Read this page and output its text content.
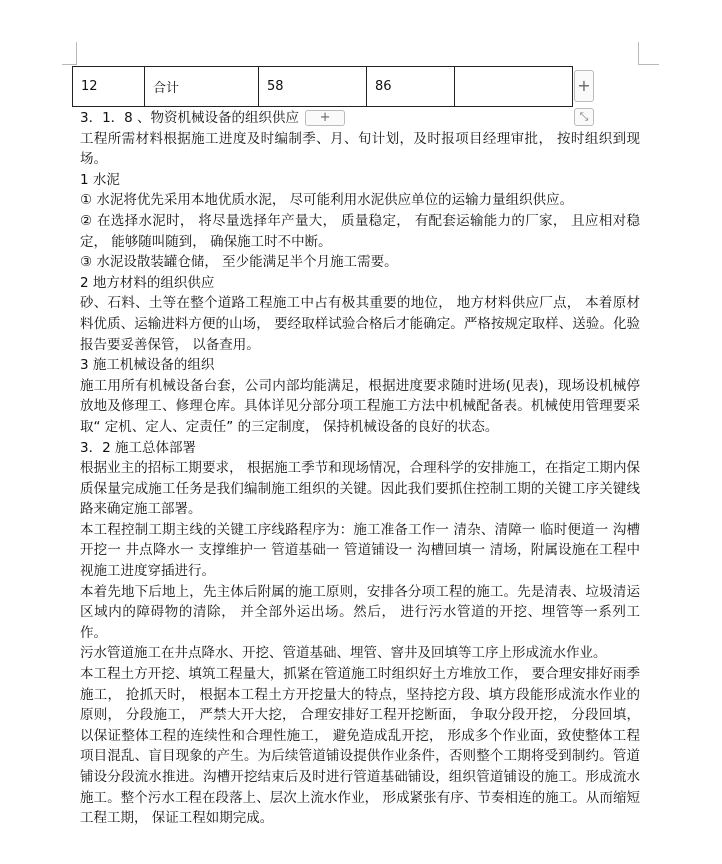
12	合计	58	86		+
⤡

3．1．8 、物资机械设备的组织供应 +

工程所需材料根据施工进度及时编制季、月、旬计划，及时报项目经理审批， 按时组织到现场。

1 水泥

① 水泥将优先采用本地优质水泥， 尽可能利用水泥供应单位的运输力量组织供应。

② 在选择水泥时， 将尽量选择年产量大， 质量稳定， 有配套运输能力的厂家， 且应相对稳定， 能够随叫随到， 确保施工时不中断。

③ 水泥设散装罐仓储， 至少能满足半个月施工需要。

2 地方材料的组织供应

砂、石料、土等在整个道路工程施工中占有极其重要的地位， 地方材料供应厂点， 本着原材料优质、运输进料方便的山场， 要经取样试验合格后才能确定。严格按规定取样、送验。化验报告要妥善保管， 以备查用。

3 施工机械设备的组织

施工用所有机械设备台套，公司内部均能满足，根据进度要求随时进场(见表)，现场设机械停放地及修理工、修理仓库。具体详见分部分项工程施工方法中机械配备表。机械使用管理要采取“ 定机、定人、定责任” 的三定制度， 保持机械设备的良好的状态。

3．2 施工总体部署

根据业主的招标工期要求， 根据施工季节和现场情况，合理科学的安排施工，在指定工期内保质保量完成施工任务是我们编制施工组织的关键。因此我们要抓住控制工期的关键工序关键线路来确定施工部署。

本工程控制工期主线的关键工序线路程序为：施工准备工作一 清杂、清障一 临时便道一 沟槽开挖一 井点降水一 支撑维护一 管道基础一 管道铺设一 沟槽回填一 清场，附属设施在工程中视施工进度穿插进行。

本着先地下后地上，先主体后附属的施工原则，安排各分项工程的施工。先是清表、垃圾清运区域内的障碍物的清除， 并全部外运出场。然后， 进行污水管道的开挖、埋管等一系列工作。

污水管道施工在井点降水、开挖、管道基础、埋管、窨井及回填等工序上形成流水作业。

本工程土方开挖、填筑工程量大，抓紧在管道施工时组织好土方堆放工作， 要合理安排好雨季施工， 抢抓天时， 根据本工程土方开挖量大的特点，坚持挖方段、填方段能形成流水作业的原则， 分段施工， 严禁大开大挖， 合理安排好工程开挖断面， 争取分段开挖， 分段回填， 以保证整体工程的连续性和合理性施工， 避免造成乱开挖， 形成多个作业面，致使整体工程项目混乱、盲目现象的产生。为后续管道铺设提供作业条件，否则整个工期将受到制约。管道铺设分段流水推进。沟槽开挖结束后及时进行管道基础铺设，组织管道铺设的施工。形成流水施工。整个污水工程在段落上、层次上流水作业， 形成紧张有序、节奏相连的施工。从而缩短工程工期， 保证工程如期完成。
